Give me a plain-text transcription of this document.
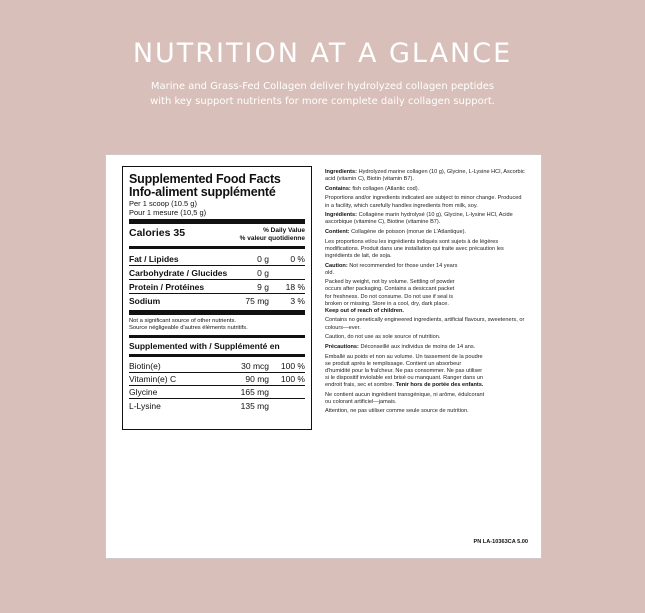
NUTRITION AT A GLANCE

Marine and Grass-Fed Collagen deliver hydrolyzed collagen peptides with key support nutrients for more complete daily collagen support.

Supplemented Food Facts
Info-aliment supplémenté
Per 1 scoop (10.5 g)
Pour 1 mesure (10,5 g)
Calories 35	% Daily Value
% valeur quotidienne
Fat / Lipides	0 g	0 %
Carbohydrate / Glucides	0 g
Protein / Protéines	9 g	18 %
Sodium	75 mg	3 %
Not a significant source of other nutrients.
Source négligeable d'autres éléments nutritifs.
Supplemented with / Supplémenté en
Biotin(e)	30 mcg	100 %
Vitamin(e) C	90 mg	100 %
Glycine	165 mg
L-Lysine	135 mg

Ingredients: Hydrolyzed marine collagen (10 g), Glycine, L-Lysine HCl, Ascorbic acid (vitamin C), Biotin (vitamin B7).

Contains: fish collagen (Atlantic cod).

Proportions and/or ingredients indicated are subject to minor change. Produced in a facility, which carefully handles ingredients from milk, soy.

Ingrédients: Collagène marin hydrolysé (10 g), Glycine, L-lysine HCl, Acide ascorbique (vitamine C), Biotine (vitamine B7).

Contient: Collagène de poisson (morue de L'Atlantique).

Les proportions et/ou les ingrédients indiqués sont sujets à de légères modifications. Produit dans une installation qui traite avec précaution les ingrédients de lait, de soja.

Caution: Not recommended for those under 14 years old.

Packed by weight, not by volume. Settling of powder occurs after packaging. Contains a desiccant packet for freshness. Do not consume. Do not use if seal is broken or missing. Store in a cool, dry, dark place. Keep out of reach of children.

Contains no genetically engineered ingredients, artificial flavours, sweeteners, or colours—ever.

Caution, do not use as sole source of nutrition.

Précautions: Déconseillé aux individus de moins de 14 ans.

Emballé au poids et non au volume. Un tassement de la poudre se produit après le remplissage. Contient un absorbeur d'humidité pour la fraîcheur. Ne pas consommer. Ne pas utiliser si le dispositif inviolable est brisé ou manquant. Ranger dans un endroit frais, sec et sombre. Tenir hors de portée des enfants.

Ne contient aucun ingrédient transgénique, ni arôme, édulcorant ou colorant artificiel—jamais.

Attention, ne pas utiliser comme seule source de nutrition.

PN LA-10363CA 5.00
